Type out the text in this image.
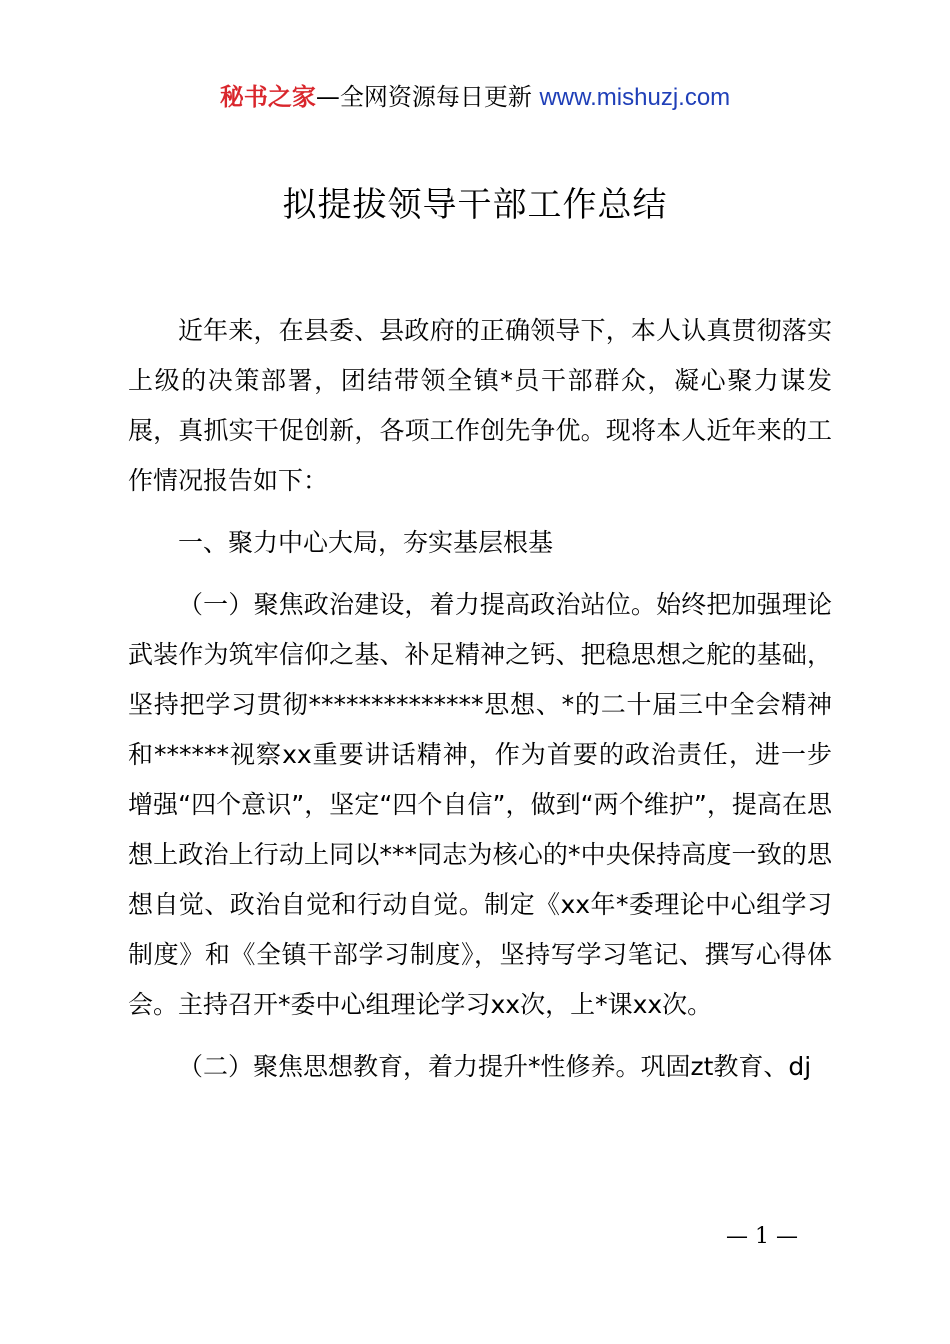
秘书之家—全网资源每日更新 www.mishuzj.com
拟提拔领导干部工作总结

近年来，在县委、县政府的正确领导下，本人认真贯彻落实上级的决策部署，团结带领全镇*员干部群众，凝心聚力谋发展，真抓实干促创新，各项工作创先争优。现将本人近年来的工作情况报告如下：

一、聚力中心大局，夯实基层根基

（一）聚焦政治建设，着力提高政治站位。始终把加强理论武装作为筑牢信仰之基、补足精神之钙、把稳思想之舵的基础，坚持把学习贯彻**************思想、*的二十届三中全会精神和******视察xx重要讲话精神，作为首要的政治责任，进一步增强“四个意识”，坚定“四个自信”，做到“两个维护”，提高在思想上政治上行动上同以***同志为核心的*中央保持高度一致的思想自觉、政治自觉和行动自觉。制定《xx年*委理论中心组学习制度》和《全镇干部学习制度》，坚持写学习笔记、撰写心得体会。主持召开*委中心组理论学习xx次，上*课xx次。

（二）聚焦思想教育，着力提升*性修养。巩固zt教育、dj

— 1 —
